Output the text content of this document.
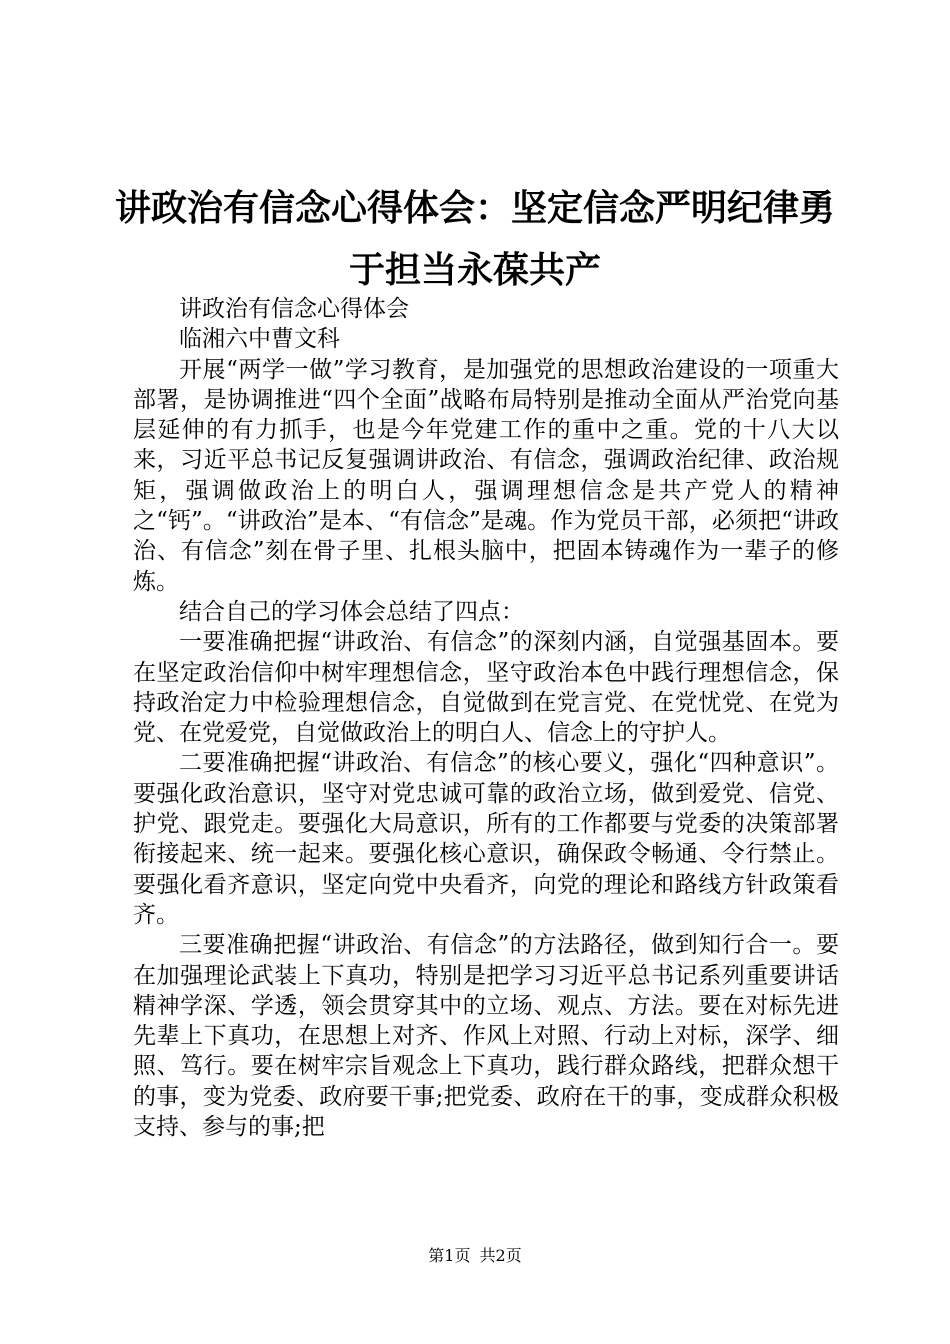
讲政治有信念心得体会：坚定信念严明纪律勇于担当永葆共产

讲政治有信念心得体会

临湘六中曹文科

开展“两学一做”学习教育，是加强党的思想政治建设的一项重大部署，是协调推进“四个全面”战略布局特别是推动全面从严治党向基层延伸的有力抓手，也是今年党建工作的重中之重。党的十八大以来，习近平总书记反复强调讲政治、有信念，强调政治纪律、政治规矩，强调做政治上的明白人，强调理想信念是共产党人的精神之“钙”。“讲政治”是本、“有信念”是魂。作为党员干部，必须把“讲政治、有信念”刻在骨子里、扎根头脑中，把固本铸魂作为一辈子的修炼。

结合自己的学习体会总结了四点：

一要准确把握“讲政治、有信念”的深刻内涵，自觉强基固本。要在坚定政治信仰中树牢理想信念，坚守政治本色中践行理想信念，保持政治定力中检验理想信念，自觉做到在党言党、在党忧党、在党为党、在党爱党，自觉做政治上的明白人、信念上的守护人。

二要准确把握“讲政治、有信念”的核心要义，强化“四种意识”。要强化政治意识，坚守对党忠诚可靠的政治立场，做到爱党、信党、护党、跟党走。要强化大局意识，所有的工作都要与党委的决策部署衔接起来、统一起来。要强化核心意识，确保政令畅通、令行禁止。要强化看齐意识，坚定向党中央看齐，向党的理论和路线方针政策看齐。

三要准确把握“讲政治、有信念”的方法路径，做到知行合一。要在加强理论武装上下真功，特别是把学习习近平总书记系列重要讲话精神学深、学透，领会贯穿其中的立场、观点、方法。要在对标先进先辈上下真功，在思想上对齐、作风上对照、行动上对标，深学、细照、笃行。要在树牢宗旨观念上下真功，践行群众路线，把群众想干的事，变为党委、政府要干事;把党委、政府在干的事，变成群众积极支持、参与的事;把

第1页 共2页
